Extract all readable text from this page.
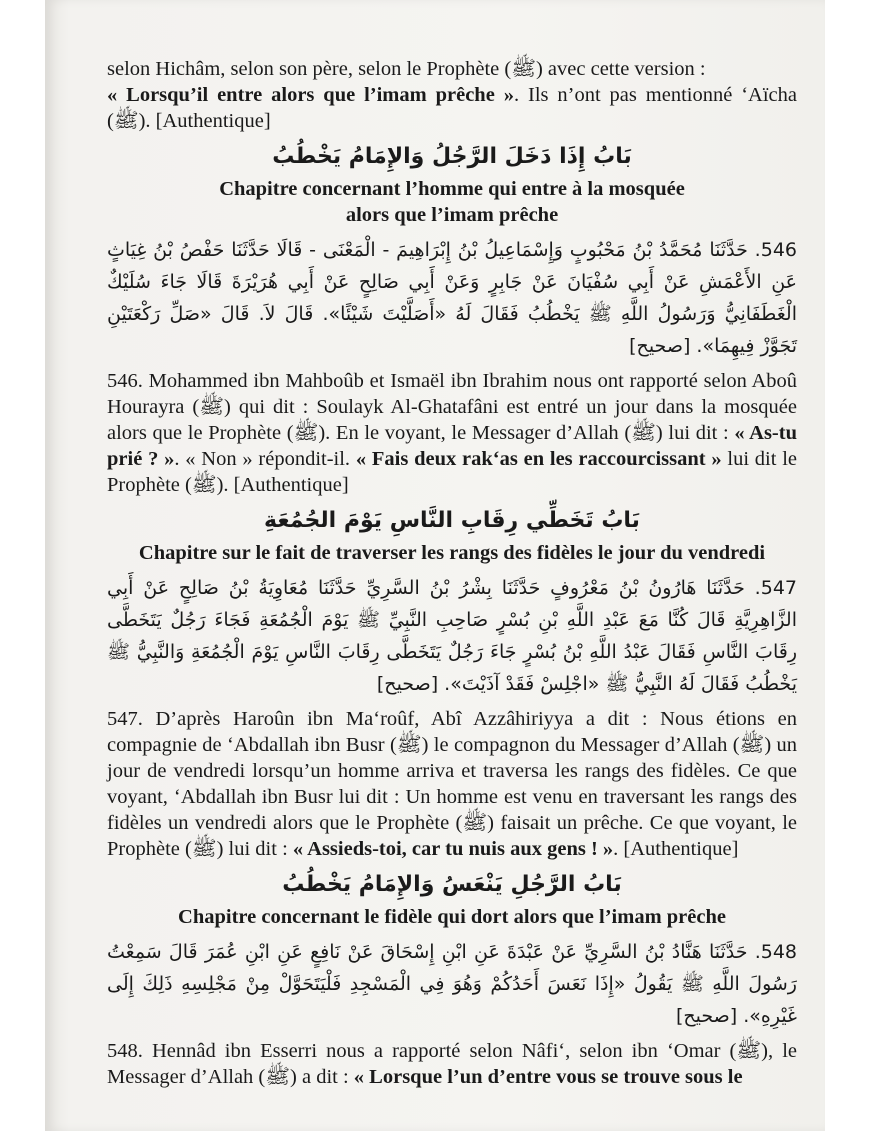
selon Hichâm, selon son père, selon le Prophète (ﷺ) avec cette version :
« Lorsqu’il entre alors que l’imam prêche ». Ils n’ont pas mentionné ‘Aïcha (ﷺ). [Authentique]

بَابُ إِذَا دَخَلَ الرَّجُلُ وَالإِمَامُ يَخْطُبُ
Chapitre concernant l’homme qui entre à la mosquée
alors que l’imam prêche

546. حَدَّثَنَا مُحَمَّدُ بْنُ مَحْبُوبٍ وَإِسْمَاعِيلُ بْنُ إِبْرَاهِيمَ - الْمَعْنَى - قَالَا حَدَّثَنَا حَفْصُ بْنُ غِيَاثٍ عَنِ الأَعْمَشِ عَنْ أَبِي سُفْيَانَ عَنْ جَابِرٍ وَعَنْ أَبِي صَالِحٍ عَنْ أَبِي هُرَيْرَةَ قَالَا جَاءَ سُلَيْكٌ الْغَطَفَانِيُّ وَرَسُولُ اللَّهِ ﷺ يَخْطُبُ فَقَالَ لَهُ «أَصَلَّيْتَ شَيْئًا». قَالَ لاَ. قَالَ «صَلِّ رَكْعَتَيْنِ تَجَوَّزْ فِيهِمَا». [صحيح]

546. Mohammed ibn Mahboûb et Ismaël ibn Ibrahim nous ont rapporté selon Aboû Hourayra (ﷺ) qui dit : Soulayk Al-Ghatafâni est entré un jour dans la mosquée alors que le Prophète (ﷺ). En le voyant, le Messager d’Allah (ﷺ) lui dit : « As-tu prié ? ». « Non » répondit-il. « Fais deux rak‘as en les raccourcissant » lui dit le Prophète (ﷺ). [Authentique]

بَابُ تَخَطِّي رِقَابِ النَّاسِ يَوْمَ الجُمُعَةِ
Chapitre sur le fait de traverser les rangs des fidèles le jour du vendredi

547. حَدَّثَنَا هَارُونُ بْنُ مَعْرُوفٍ حَدَّثَنَا بِشْرُ بْنُ السَّرِيِّ حَدَّثَنَا مُعَاوِيَةُ بْنُ صَالِحٍ عَنْ أَبِي الزَّاهِرِيَّةِ قَالَ كُنَّا مَعَ عَبْدِ اللَّهِ بْنِ بُسْرٍ صَاحِبِ النَّبِيِّ ﷺ يَوْمَ الْجُمُعَةِ فَجَاءَ رَجُلٌ يَتَخَطَّى رِقَابَ النَّاسِ فَقَالَ عَبْدُ اللَّهِ بْنُ بُسْرٍ جَاءَ رَجُلٌ يَتَخَطَّى رِقَابَ النَّاسِ يَوْمَ الْجُمُعَةِ وَالنَّبِيُّ ﷺ يَخْطُبُ فَقَالَ لَهُ النَّبِيُّ ﷺ «اجْلِسْ فَقَدْ آذَيْتَ». [صحيح]

547. D’après Haroûn ibn Ma‘roûf, Abî Azzâhiriyya a dit : Nous étions en compagnie de ‘Abdallah ibn Busr (ﷺ) le compagnon du Messager d’Allah (ﷺ) un jour de vendredi lorsqu’un homme arriva et traversa les rangs des fidèles. Ce que voyant, ‘Abdallah ibn Busr lui dit : Un homme est venu en traversant les rangs des fidèles un vendredi alors que le Prophète (ﷺ) faisait un prêche. Ce que voyant, le Prophète (ﷺ) lui dit : « Assieds-toi, car tu nuis aux gens ! ». [Authentique]

بَابُ الرَّجُلِ يَنْعَسُ وَالإِمَامُ يَخْطُبُ
Chapitre concernant le fidèle qui dort alors que l’imam prêche

548. حَدَّثَنَا هَنَّادُ بْنُ السَّرِيِّ عَنْ عَبْدَةَ عَنِ ابْنِ إِسْحَاقَ عَنْ نَافِعٍ عَنِ ابْنِ عُمَرَ قَالَ سَمِعْتُ رَسُولَ اللَّهِ ﷺ يَقُولُ «إِذَا نَعَسَ أَحَدُكُمْ وَهُوَ فِي الْمَسْجِدِ فَلْيَتَحَوَّلْ مِنْ مَجْلِسِهِ ذَلِكَ إِلَى غَيْرِهِ». [صحيح]

548. Hennâd ibn Esserri nous a rapporté selon Nâfi‘, selon ibn ‘Omar (ﷺ), le Messager d’Allah (ﷺ) a dit : « Lorsque l’un d’entre vous se trouve sous le
